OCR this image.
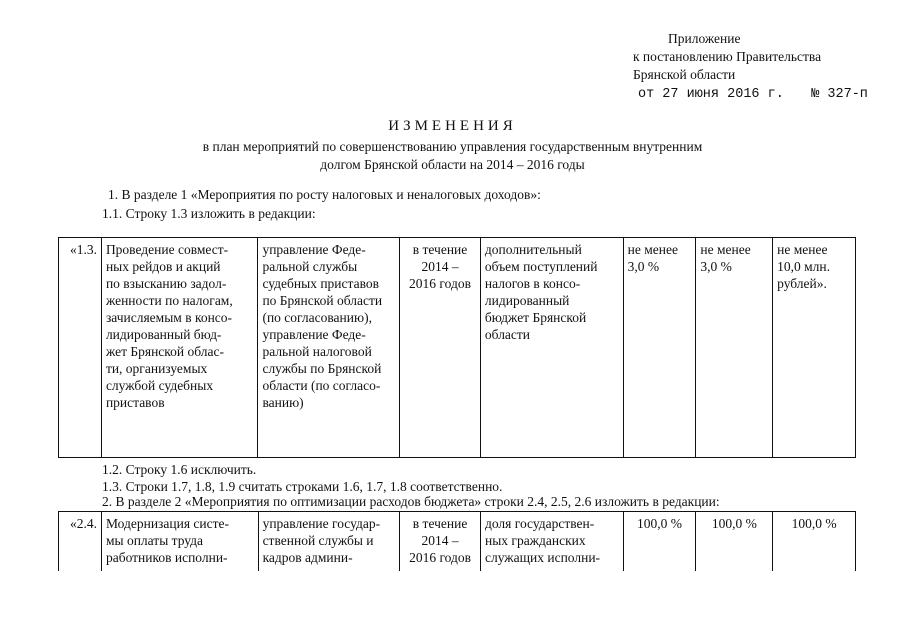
Приложение
к постановлению Правительства
Брянской области
от 27 июня 2016 г. № 327-п
ИЗМЕНЕНИЯ
в план мероприятий по совершенствованию управления государственным внутренним
долгом Брянской области на 2014 – 2016 годы
1. В разделе 1 «Мероприятия по росту налоговых и неналоговых доходов»:
1.1. Строку 1.3 изложить в редакции:
«1.3.	Проведение совмест-
ных рейдов и акций
по взысканию задол-
женности по налогам,
зачисляемым в консо-
лидированный бюд-
жет Брянской облас-
ти, организуемых
службой судебных
приставов	управление Феде-
ральной службы
судебных приставов
по Брянской области
(по согласованию),
управление Феде-
ральной налоговой
службы по Брянской
области (по согласо-
ванию)	в течение
2014 –
2016 годов	дополнительный
объем поступлений
налогов в консо-
лидированный
бюджет Брянской
области	не менее
3,0 %	не менее
3,0 %	не менее
10,0 млн.
рублей».
1.2. Строку 1.6 исключить.
1.3. Строки 1.7, 1.8, 1.9 считать строками 1.6, 1.7, 1.8 соответственно.
2. В разделе 2 «Мероприятия по оптимизации расходов бюджета» строки 2.4, 2.5, 2.6 изложить в редакции:
«2.4.	Модернизация систе-
мы оплаты труда
работников исполни-	управление государ-
ственной службы и
кадров админи-	в течение
2014 –
2016 годов	доля государствен-
ных гражданских
служащих исполни-	100,0 %	100,0 %	100,0 %
